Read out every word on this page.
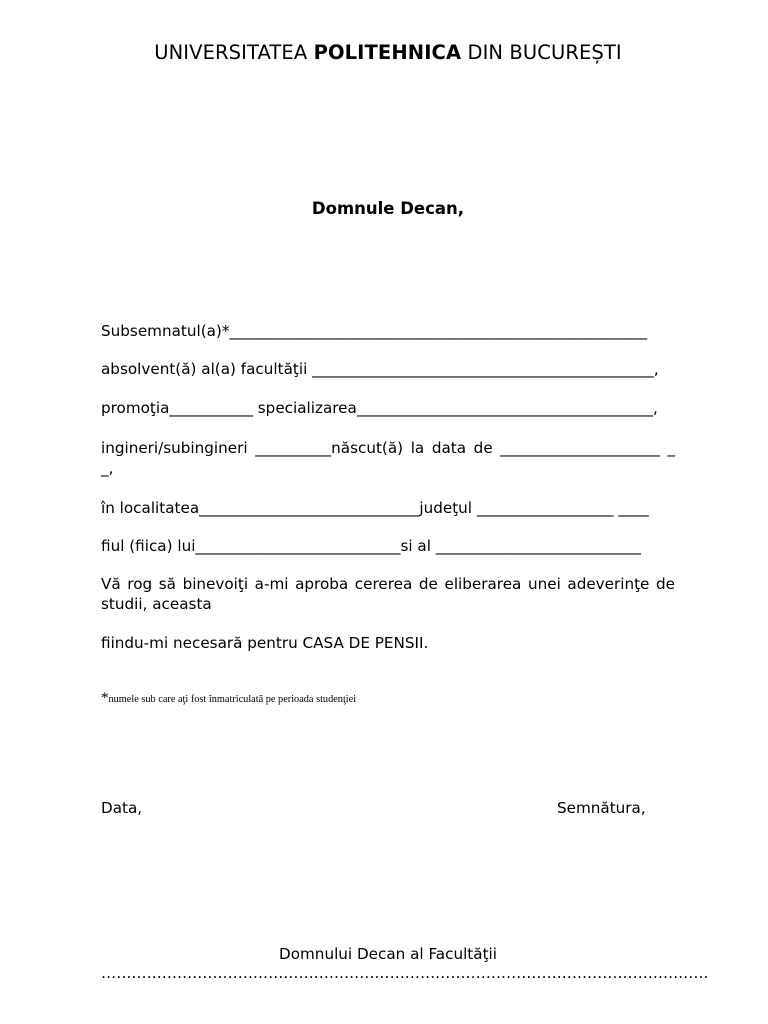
UNIVERSITATEA POLITEHNICA DIN BUCUREȘTI
Domnule Decan,
Subsemnatul(a)*_______________________________________________________
absolvent(ă) al(a) facultăţii _____________________________________________,
promoţia___________ specializarea_______________________________________,
ingineri/subingineri __________născut(ă) la data de _____________________ _
_,
în localitatea_____________________________judeţul __________________ ____
fiul (fiica) lui___________________________si al ___________________________
Vă rog să binevoiţi a-mi aproba cererea de eliberarea unei adeverinţe de
studii, aceasta
fiindu-mi necesară pentru CASA DE PENSII.
*numele sub care aţi fost înmatriculată pe perioada studenţiei
Data,	Semnătura,
Domnului Decan al Facultăţii
…………………………………………………………………………………………………………
